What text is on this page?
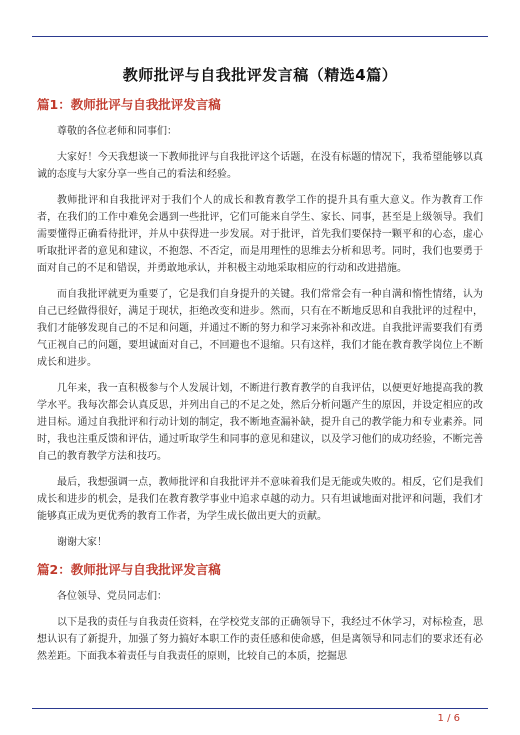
教师批评与自我批评发言稿（精选4篇）
篇1：教师批评与自我批评发言稿

尊敬的各位老师和同事们：

大家好！今天我想谈一下教师批评与自我批评这个话题，在没有标题的情况下，我希望能够以真诚的态度与大家分享一些自己的看法和经验。

教师批评和自我批评对于我们个人的成长和教育教学工作的提升具有重大意义。作为教育工作者，在我们的工作中难免会遇到一些批评，它们可能来自学生、家长、同事，甚至是上级领导。我们需要懂得正确看待批评，并从中获得进一步发展。对于批评，首先我们要保持一颗平和的心态，虚心听取批评者的意见和建议，不抱怨、不否定，而是用理性的思维去分析和思考。同时，我们也要勇于面对自己的不足和错误，并勇敢地承认，并积极主动地采取相应的行动和改进措施。

而自我批评就更为重要了，它是我们自身提升的关键。我们常常会有一种自满和惰性情绪，认为自己已经做得很好，满足于现状，拒绝改变和进步。然而，只有在不断地反思和自我批评的过程中，我们才能够发现自己的不足和问题，并通过不断的努力和学习来弥补和改进。自我批评需要我们有勇气正视自己的问题，要坦诚面对自己，不回避也不退缩。只有这样，我们才能在教育教学岗位上不断成长和进步。

几年来，我一直积极参与个人发展计划，不断进行教育教学的自我评估，以便更好地提高我的教学水平。我每次都会认真反思，并列出自己的不足之处，然后分析问题产生的原因，并设定相应的改进目标。通过自我批评和行动计划的制定，我不断地查漏补缺，提升自己的教学能力和专业素养。同时，我也注重反馈和评估，通过听取学生和同事的意见和建议，以及学习他们的成功经验，不断完善自己的教育教学方法和技巧。

最后，我想强调一点，教师批评和自我批评并不意味着我们是无能或失败的。相反，它们是我们成长和进步的机会，是我们在教育教学事业中追求卓越的动力。只有坦诚地面对批评和问题，我们才能够真正成为更优秀的教育工作者，为学生成长做出更大的贡献。

谢谢大家！

篇2：教师批评与自我批评发言稿

各位领导、党员同志们：

以下是我的责任与自我责任资料，在学校党支部的正确领导下，我经过不休学习，对标检查，思想认识有了新提升，加强了努力搞好本职工作的责任感和使命感，但是离领导和同志们的要求还有必然差距。下面我本着责任与自我责任的原则，比较自己的本质，挖掘思

1 / 6
